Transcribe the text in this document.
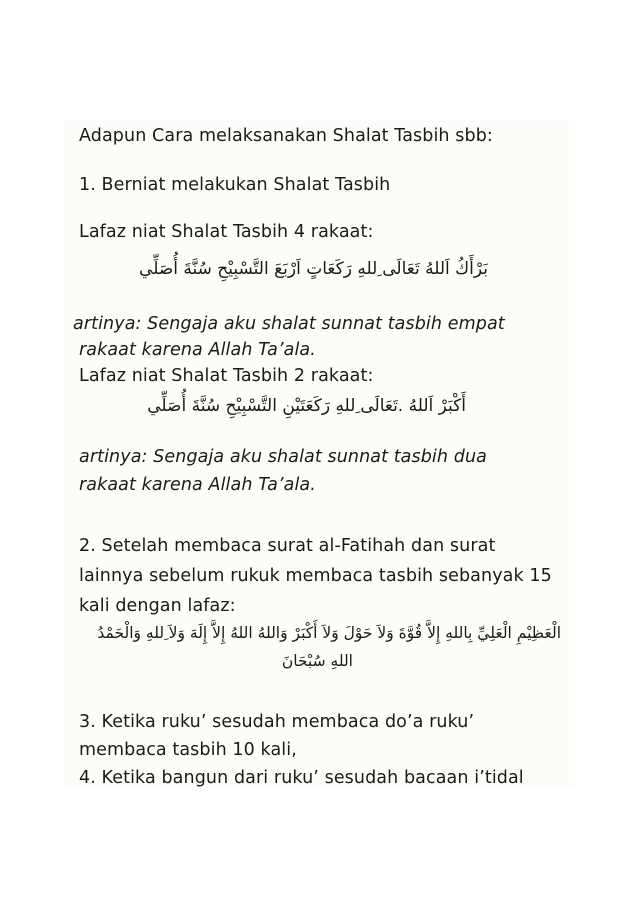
Adapun Cara melaksanakan Shalat Tasbih sbb:

1. Berniat melakukan Shalat Tasbih

Lafaz niat Shalat Tasbih 4 rakaat:

بَرْأَكُ اَللهُ تَعَالَى ِللهِ رَكَعَاتٍ اَرْبَعَ التَّسْبِيْحِ سُنَّةَ أُصَلِّي

artinya: Sengaja aku shalat sunnat tasbih empat

rakaat karena Allah Ta’ala.

Lafaz niat Shalat Tasbih 2 rakaat:

أَكْبَرْ اَللهُ .تَعَالَى ِللهِ رَكَعَتَيْنِ التَّسْبِيْحِ سُنَّةَ أُصَلِّي

artinya: Sengaja aku shalat sunnat tasbih dua

rakaat karena Allah Ta’ala.

2. Setelah membaca surat al-Fatihah dan surat

lainnya sebelum rukuk membaca tasbih sebanyak 15

kali dengan lafaz:

الْعَظِيْمِ الْعَلِيِّ بِاللهِ إِلاَّ قُوَّةَ وَلاَ حَوْلَ وَلاَ أَكْبَرْ وَاللهُ اللهُ إِلاَّ إِلَهَ وَلاَ ِللهِ وَالْحَمْدُ

اللهِ سُبْحَانَ

3. Ketika ruku’ sesudah membaca do’a ruku’

membaca tasbih 10 kali,

4. Ketika bangun dari ruku’ sesudah bacaan i’tidal
